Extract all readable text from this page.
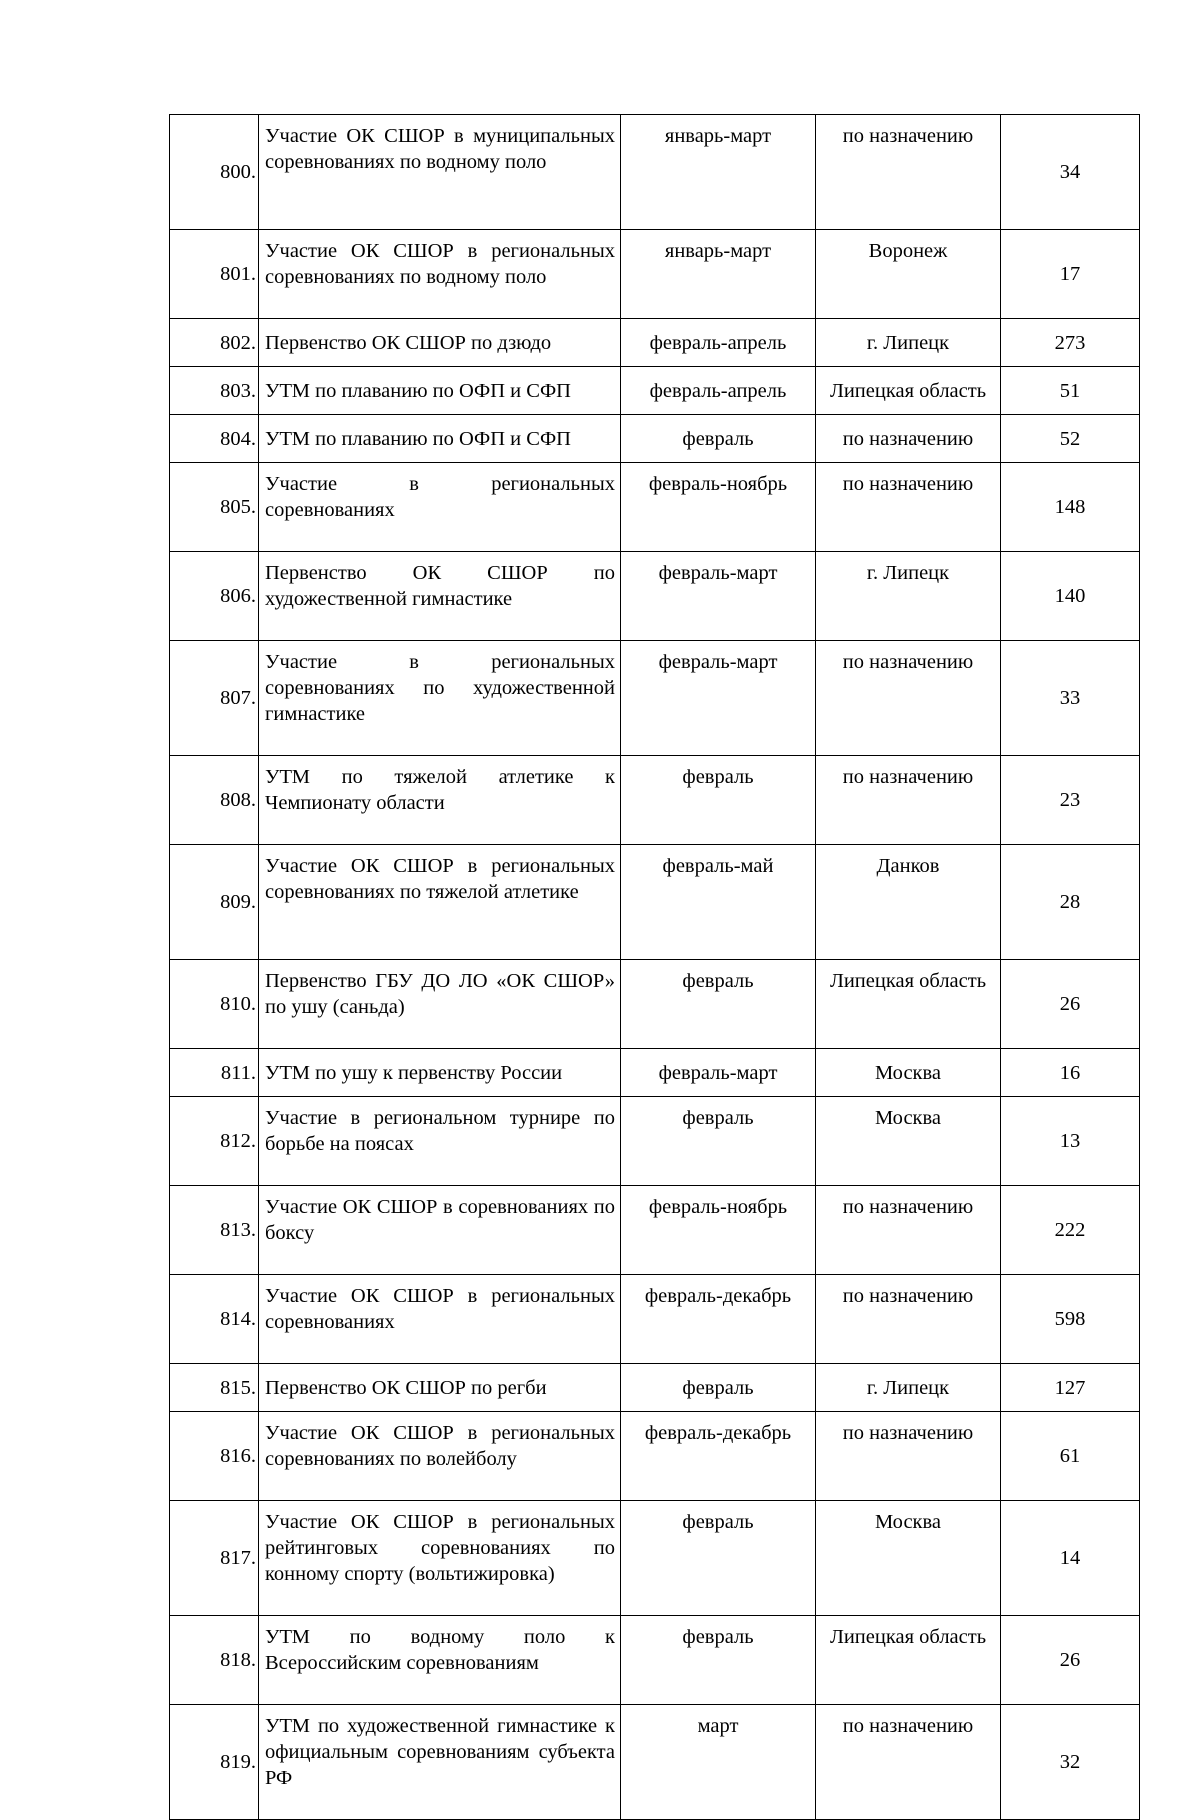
800.	Участие ОК СШОР в муниципальных соревнованиях по водному поло	январь-март	по назначению	34
801.	Участие ОК СШОР в региональных соревнованиях по водному поло	январь-март	Воронеж	17
802.	Первенство ОК СШОР по дзюдо	февраль-апрель	г. Липецк	273
803.	УТМ по плаванию по ОФП и СФП	февраль-апрель	Липецкая область	51
804.	УТМ по плаванию по ОФП и СФП	февраль	по назначению	52
805.	Участие в региональных соревнованиях	февраль-ноябрь	по назначению	148
806.	Первенство ОК СШОР по художественной гимнастике	февраль-март	г. Липецк	140
807.	Участие в региональных соревнованиях по художественной гимнастике	февраль-март	по назначению	33
808.	УТМ по тяжелой атлетике к Чемпионату области	февраль	по назначению	23
809.	Участие ОК СШОР в региональных соревнованиях по тяжелой атлетике	февраль-май	Данков	28
810.	Первенство ГБУ ДО ЛО «ОК СШОР» по ушу (саньда)	февраль	Липецкая область	26
811.	УТМ по ушу к первенству России	февраль-март	Москва	16
812.	Участие в региональном турнире по борьбе на поясах	февраль	Москва	13
813.	Участие ОК СШОР в соревнованиях по боксу	февраль-ноябрь	по назначению	222
814.	Участие ОК СШОР в региональных соревнованиях	февраль-декабрь	по назначению	598
815.	Первенство ОК СШОР по регби	февраль	г. Липецк	127
816.	Участие ОК СШОР в региональных соревнованиях по волейболу	февраль-декабрь	по назначению	61
817.	Участие ОК СШОР в региональных рейтинговых соревнованиях по конному спорту (вольтижировка)	февраль	Москва	14
818.	УТМ по водному поло к Всероссийским соревнованиям	февраль	Липецкая область	26
819.	УТМ по художественной гимнастике к официальным соревнованиям субъекта РФ	март	по назначению	32
